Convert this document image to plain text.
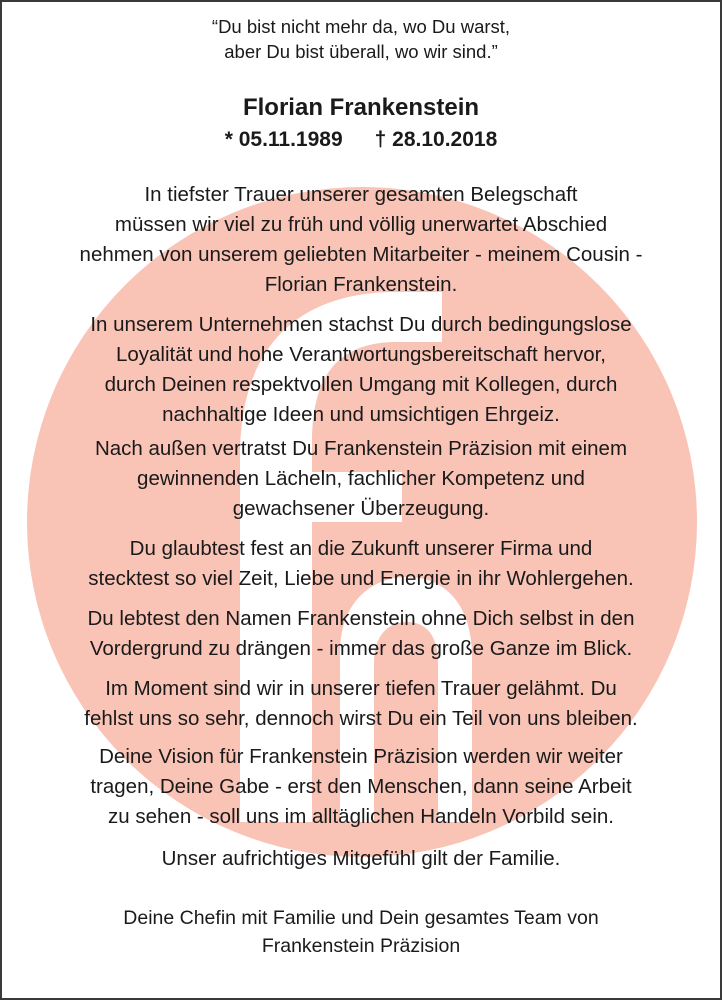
“Du bist nicht mehr da, wo Du warst,
aber Du bist überall, wo wir sind.”
Florian Frankenstein
* 05.11.1989 † 28.10.2018
In tiefster Trauer unserer gesamten Belegschaft
müssen wir viel zu früh und völlig unerwartet Abschied
nehmen von unserem geliebten Mitarbeiter - meinem Cousin -
Florian Frankenstein.
In unserem Unternehmen stachst Du durch bedingungslose
Loyalität und hohe Verantwortungsbereitschaft hervor,
durch Deinen respektvollen Umgang mit Kollegen, durch
nachhaltige Ideen und umsichtigen Ehrgeiz.
Nach außen vertratst Du Frankenstein Präzision mit einem
gewinnenden Lächeln, fachlicher Kompetenz und
gewachsener Überzeugung.
Du glaubtest fest an die Zukunft unserer Firma und
stecktest so viel Zeit, Liebe und Energie in ihr Wohlergehen.
Du lebtest den Namen Frankenstein ohne Dich selbst in den
Vordergrund zu drängen - immer das große Ganze im Blick.
Im Moment sind wir in unserer tiefen Trauer gelähmt. Du
fehlst uns so sehr, dennoch wirst Du ein Teil von uns bleiben.
Deine Vision für Frankenstein Präzision werden wir weiter
tragen, Deine Gabe - erst den Menschen, dann seine Arbeit
zu sehen - soll uns im alltäglichen Handeln Vorbild sein.
Unser aufrichtiges Mitgefühl gilt der Familie.
Deine Chefin mit Familie und Dein gesamtes Team von
Frankenstein Präzision
